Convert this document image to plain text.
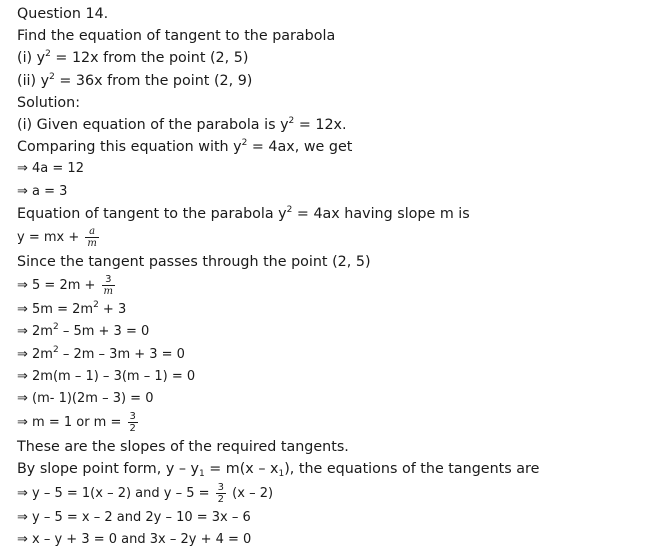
Question 14.
Find the equation of tangent to the parabola
(i) $y^2 = 12x$ from the point (2, 5)
(ii) $y^2 = 36x$ from the point (2, 9)
Solution:
(i) Given equation of the parabola is $y^2 = 12x$.
Comparing this equation with $y^2 = 4ax$, we get
⇒ 4a = 12
⇒ a = 3
Equation of tangent to the parabola $y^2 = 4ax$ having slope m is
y = mx + $\frac{a}{m}$
Since the tangent passes through the point (2, 5)
⇒ $5 = 2m + \frac{3}{m}$
⇒ $5m = 2m^2 + 3$
⇒ $2m^2 - 5m + 3 = 0$
⇒ $2m^2 - 2m - 3m + 3 = 0$
⇒ 2m(m – 1) – 3(m – 1) = 0
⇒ (m- 1)(2m – 3) = 0
⇒ m = 1 or $m = \frac{3}{2}$
These are the slopes of the required tangents.
By slope point form, $y - y_1 = m(x - x_1)$, the equations of the tangents are
⇒ y – 5 = 1(x – 2) and $y - 5 = \frac{3}{2} (x - 2)$
⇒ y – 5 = x – 2 and 2y – 10 = 3x – 6
⇒ x – y + 3 = 0 and 3x – 2y + 4 = 0
